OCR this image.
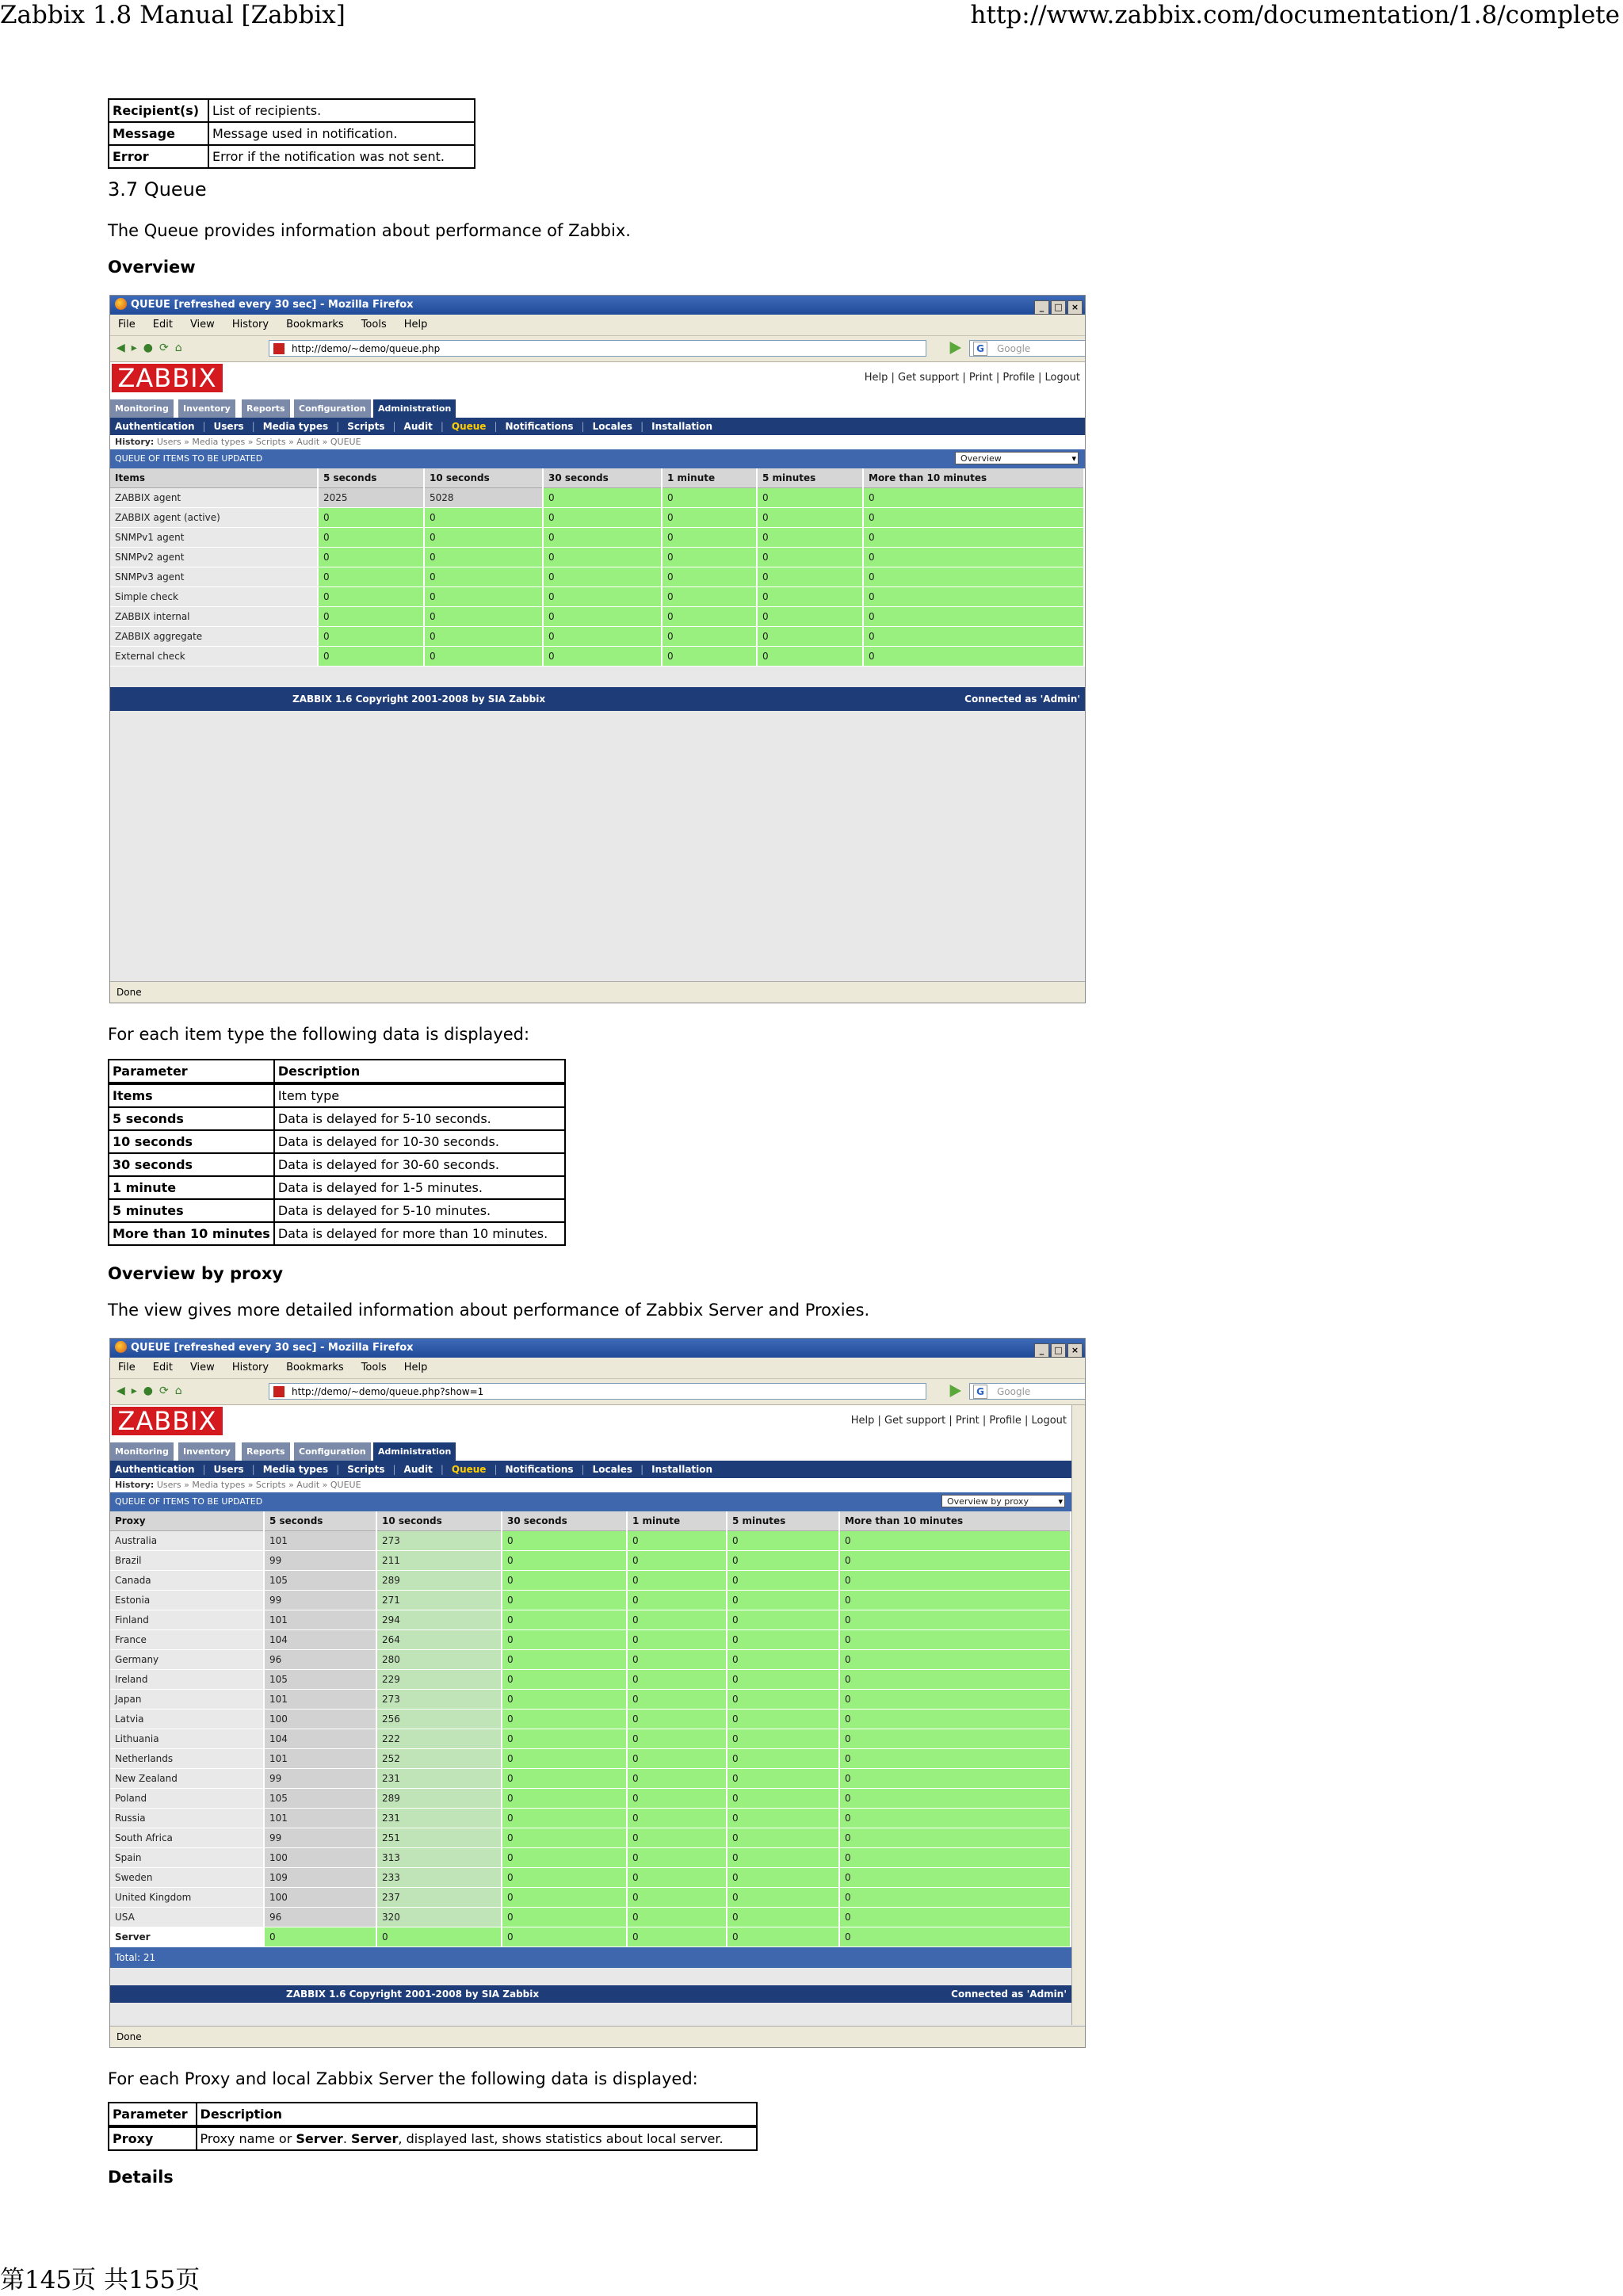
Zabbix 1.8 Manual [Zabbix]	http://www.zabbix.com/documentation/1.8/complete
Recipient(s)	List of recipients.
Message	Message used in notification.
Error	Error if the notification was not sent.
3.7 Queue
The Queue provides information about performance of Zabbix.
Overview
QUEUE [refreshed every 30 sec] - Mozilla Firefox	_ □ ×
File Edit View History Bookmarks Tools Help
◀▸●⟳⌂	http://demo/~demo/queue.php	G	Google
ZABBIX	Help | Get support | Print | Profile | Logout
Monitoring	Inventory	Reports	Configuration	Administration
Authentication | Users | Media types | Scripts | Audit | Queue | Notifications | Locales | Installation
History: Users » Media types » Scripts » Audit » QUEUE
QUEUE OF ITEMS TO BE UPDATED	Overview ▾
Items	5 seconds	10 seconds	30 seconds	1 minute	5 minutes	More than 10 minutes
ZABBIX agent	2025	5028	0	0	0	0
ZABBIX agent (active)	0	0	0	0	0	0
SNMPv1 agent	0	0	0	0	0	0
SNMPv2 agent	0	0	0	0	0	0
SNMPv3 agent	0	0	0	0	0	0
Simple check	0	0	0	0	0	0
ZABBIX internal	0	0	0	0	0	0
ZABBIX aggregate	0	0	0	0	0	0
External check	0	0	0	0	0	0
ZABBIX 1.6 Copyright 2001-2008 by SIA Zabbix	Connected as 'Admin'
Done
For each item type the following data is displayed:
Parameter	Description
Items	Item type
5 seconds	Data is delayed for 5-10 seconds.
10 seconds	Data is delayed for 10-30 seconds.
30 seconds	Data is delayed for 30-60 seconds.
1 minute	Data is delayed for 1-5 minutes.
5 minutes	Data is delayed for 5-10 minutes.
More than 10 minutes	Data is delayed for more than 10 minutes.
Overview by proxy
The view gives more detailed information about performance of Zabbix Server and Proxies.
QUEUE [refreshed every 30 sec] - Mozilla Firefox	_ □ ×
File Edit View History Bookmarks Tools Help
◀▸●⟳⌂	http://demo/~demo/queue.php?show=1	G	Google
ZABBIX	Help | Get support | Print | Profile | Logout
Monitoring	Inventory	Reports	Configuration	Administration
Authentication | Users | Media types | Scripts | Audit | Queue | Notifications | Locales | Installation
History: Users » Media types » Scripts » Audit » QUEUE
QUEUE OF ITEMS TO BE UPDATED	Overview by proxy ▾
Proxy	5 seconds	10 seconds	30 seconds	1 minute	5 minutes	More than 10 minutes
Australia	101	273	0	0	0	0
Brazil	99	211	0	0	0	0
Canada	105	289	0	0	0	0
Estonia	99	271	0	0	0	0
Finland	101	294	0	0	0	0
France	104	264	0	0	0	0
Germany	96	280	0	0	0	0
Ireland	105	229	0	0	0	0
Japan	101	273	0	0	0	0
Latvia	100	256	0	0	0	0
Lithuania	104	222	0	0	0	0
Netherlands	101	252	0	0	0	0
New Zealand	99	231	0	0	0	0
Poland	105	289	0	0	0	0
Russia	101	231	0	0	0	0
South Africa	99	251	0	0	0	0
Spain	100	313	0	0	0	0
Sweden	109	233	0	0	0	0
United Kingdom	100	237	0	0	0	0
USA	96	320	0	0	0	0
Server	0	0	0	0	0	0
Total: 21
ZABBIX 1.6 Copyright 2001-2008 by SIA Zabbix	Connected as 'Admin'
Done
For each Proxy and local Zabbix Server the following data is displayed:
Parameter	Description
Proxy	Proxy name or Server. Server, displayed last, shows statistics about local server.
Details
第145页 共155页
